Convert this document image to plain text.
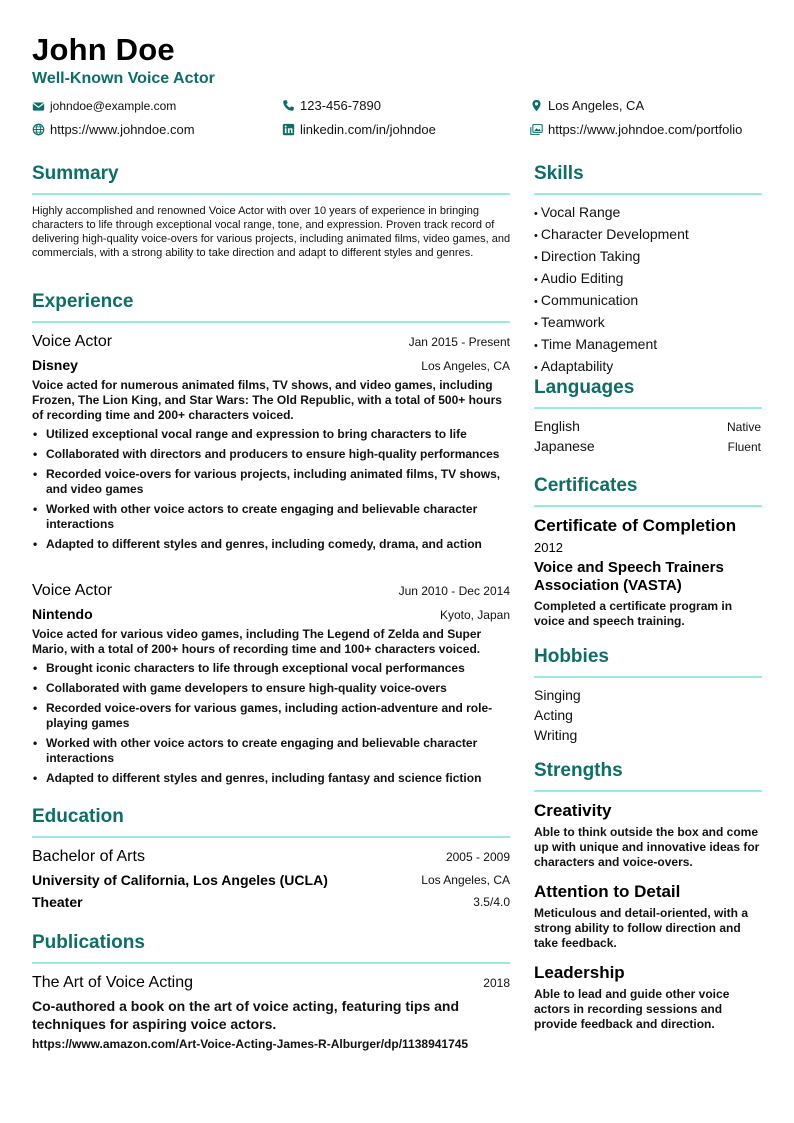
John Doe
Well-Known Voice Actor
johndoe@example.com	123-456-7890	Los Angeles, CA
https://www.johndoe.com	linkedin.com/in/johndoe	https://www.johndoe.com/portfolio
Summary
Highly accomplished and renowned Voice Actor with over 10 years of experience in bringing characters to life through exceptional vocal range, tone, and expression. Proven track record of delivering high-quality voice-overs for various projects, including animated films, video games, and commercials, with a strong ability to take direction and adapt to different styles and genres.
Experience
Voice Actor	Jan 2015 - Present
Disney	Los Angeles, CA
Voice acted for numerous animated films, TV shows, and video games, including Frozen, The Lion King, and Star Wars: The Old Republic, with a total of 500+ hours of recording time and 200+ characters voiced.
• Utilized exceptional vocal range and expression to bring characters to life
• Collaborated with directors and producers to ensure high-quality performances
• Recorded voice-overs for various projects, including animated films, TV shows, and video games
• Worked with other voice actors to create engaging and believable character interactions
• Adapted to different styles and genres, including comedy, drama, and action
Voice Actor	Jun 2010 - Dec 2014
Nintendo	Kyoto, Japan
Voice acted for various video games, including The Legend of Zelda and Super Mario, with a total of 200+ hours of recording time and 100+ characters voiced.
• Brought iconic characters to life through exceptional vocal performances
• Collaborated with game developers to ensure high-quality voice-overs
• Recorded voice-overs for various games, including action-adventure and role-playing games
• Worked with other voice actors to create engaging and believable character interactions
• Adapted to different styles and genres, including fantasy and science fiction
Education
Bachelor of Arts	2005 - 2009
University of California, Los Angeles (UCLA)	Los Angeles, CA
Theater	3.5/4.0
Publications
The Art of Voice Acting	2018
Co-authored a book on the art of voice acting, featuring tips and techniques for aspiring voice actors.
https://www.amazon.com/Art-Voice-Acting-James-R-Alburger/dp/1138941745
Skills
• Vocal Range
• Character Development
• Direction Taking
• Audio Editing
• Communication
• Teamwork
• Time Management
• Adaptability
Languages
English	Native
Japanese	Fluent
Certificates
Certificate of Completion
2012
Voice and Speech Trainers Association (VASTA)
Completed a certificate program in voice and speech training.
Hobbies
Singing
Acting
Writing
Strengths
Creativity
Able to think outside the box and come up with unique and innovative ideas for characters and voice-overs.
Attention to Detail
Meticulous and detail-oriented, with a strong ability to follow direction and take feedback.
Leadership
Able to lead and guide other voice actors in recording sessions and provide feedback and direction.
